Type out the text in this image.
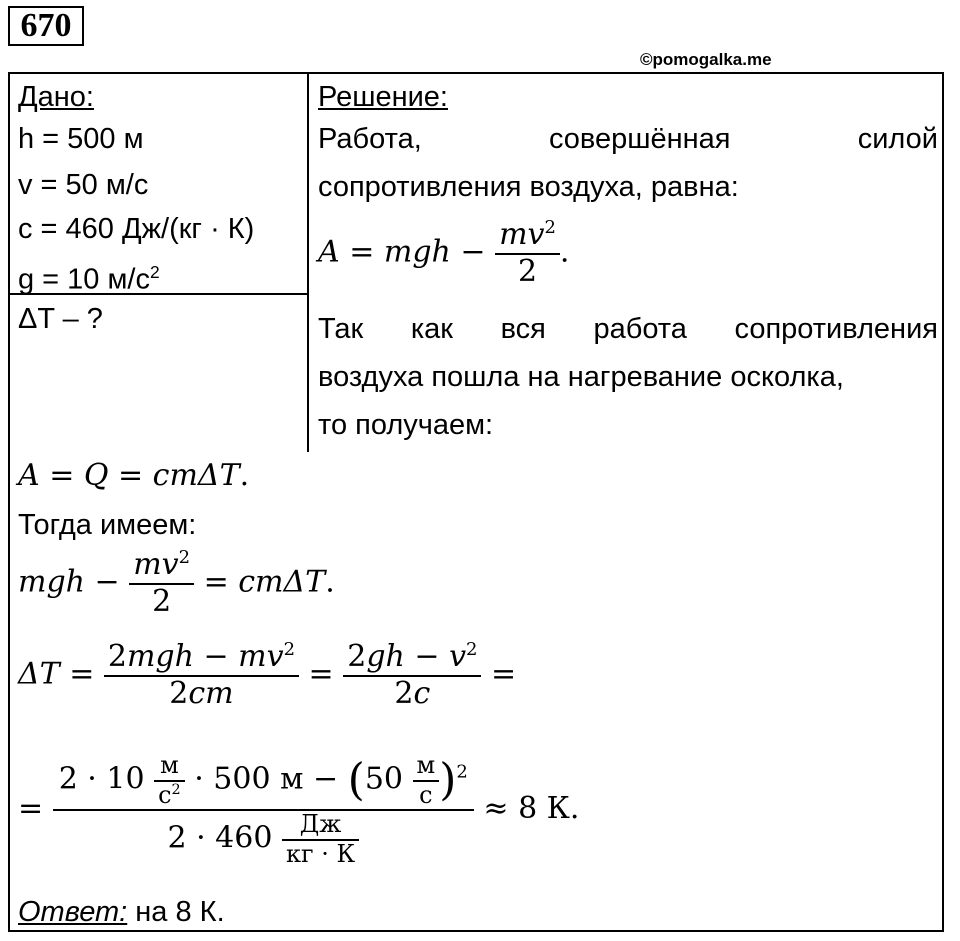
670
©pomogalka.me
Дано:
h = 500 м
v = 50 м/с
c = 460 Дж/(кг · К)
g = 10 $м/с^2$
ΔT – ?
Решение:
Работа,	совершённая	силой
сопротивления воздуха, равна:
A = mgh − $\frac{mv^2}{2}$ .
Так как вся работа сопротивления
воздуха пошла на нагревание осколка,
то получаем:
A = Q = cmΔT.
Тогда имеем:
mgh − $\frac{mv^2}{2} = cm\Delta T$.
$\Delta T = \frac{2mgh - mv^2}{2cm} = \frac{2gh - v^2}{2c}$ =
= $\frac{2 \cdot 10 \frac{м}{с^2} \cdot 500 м - (50 \frac{м}{с} )^2}{2 \cdot 460 \frac{Дж}{кг \cdot К}} \approx 8$ К.
Ответ: на 8 К.
